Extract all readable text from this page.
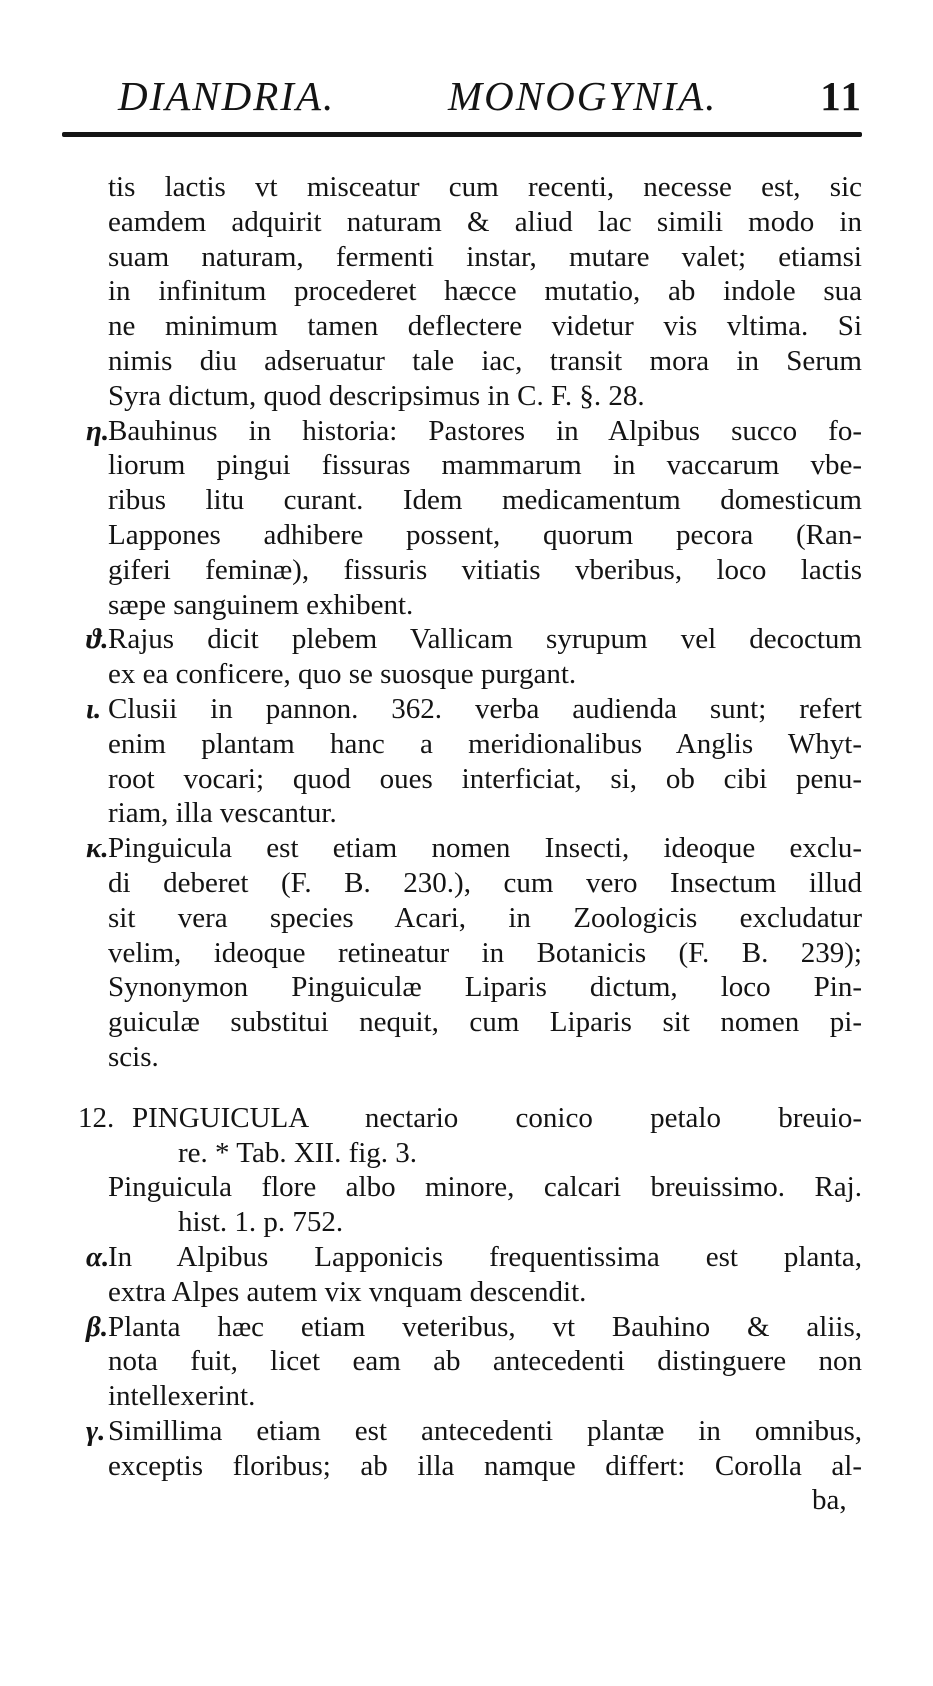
DIANDRIA.	MONOGYNIA.	11
tis lactis vt misceatur cum recenti, necesse est, sic
eamdem adquirit naturam & aliud lac simili modo in
suam naturam, fermenti instar, mutare valet; etiamsi
in infinitum procederet hæcce mutatio, ab indole sua
ne minimum tamen deflectere videtur vis vltima. Si
nimis diu adseruatur tale iac, transit mora in Serum
Syra dictum, quod descripsimus in C. F. §. 28.
η.
Bauhinus in historia: Pastores in Alpibus succo fo-
liorum pingui fissuras mammarum in vaccarum vbe-
ribus litu curant. Idem medicamentum domesticum
Lappones adhibere possent, quorum pecora (Ran-
giferi feminæ), fissuris vitiatis vberibus, loco lactis
sæpe sanguinem exhibent.
ϑ. Rajus dicit plebem Vallicam syrupum vel decoctum
ex ea conficere, quo se suosque purgant.
ι. Clusii in pannon. 362. verba audienda sunt; refert
enim plantam hanc a meridionalibus Anglis Whyt-
root vocari; quod oues interficiat, si, ob cibi penu-
riam, illa vescantur.
κ. Pinguicula est etiam nomen Insecti, ideoque exclu-
di deberet (F. B. 230.), cum vero Insectum illud
sit vera species Acari, in Zoologicis excludatur
velim, ideoque retineatur in Botanicis (F. B. 239);
Synonymon Pinguiculæ Liparis dictum, loco Pin-
guiculæ substitui nequit, cum Liparis sit nomen pi-
scis.
12. PINGUICULA nectario conico petalo breuio-
re. * Tab. XII. fig. 3.
Pinguicula flore albo minore, calcari breuissimo. Raj.
hist. 1. p. 752.
α.
In Alpibus Lapponicis frequentissima est planta,
extra Alpes autem vix vnquam descendit.
β. Planta hæc etiam veteribus, vt Bauhino & aliis,
nota fuit, licet eam ab antecedenti distinguere non
intellexerint.
γ. Simillima etiam est antecedenti plantæ in omnibus,
exceptis floribus; ab illa namque differt: Corolla al-
ba,
